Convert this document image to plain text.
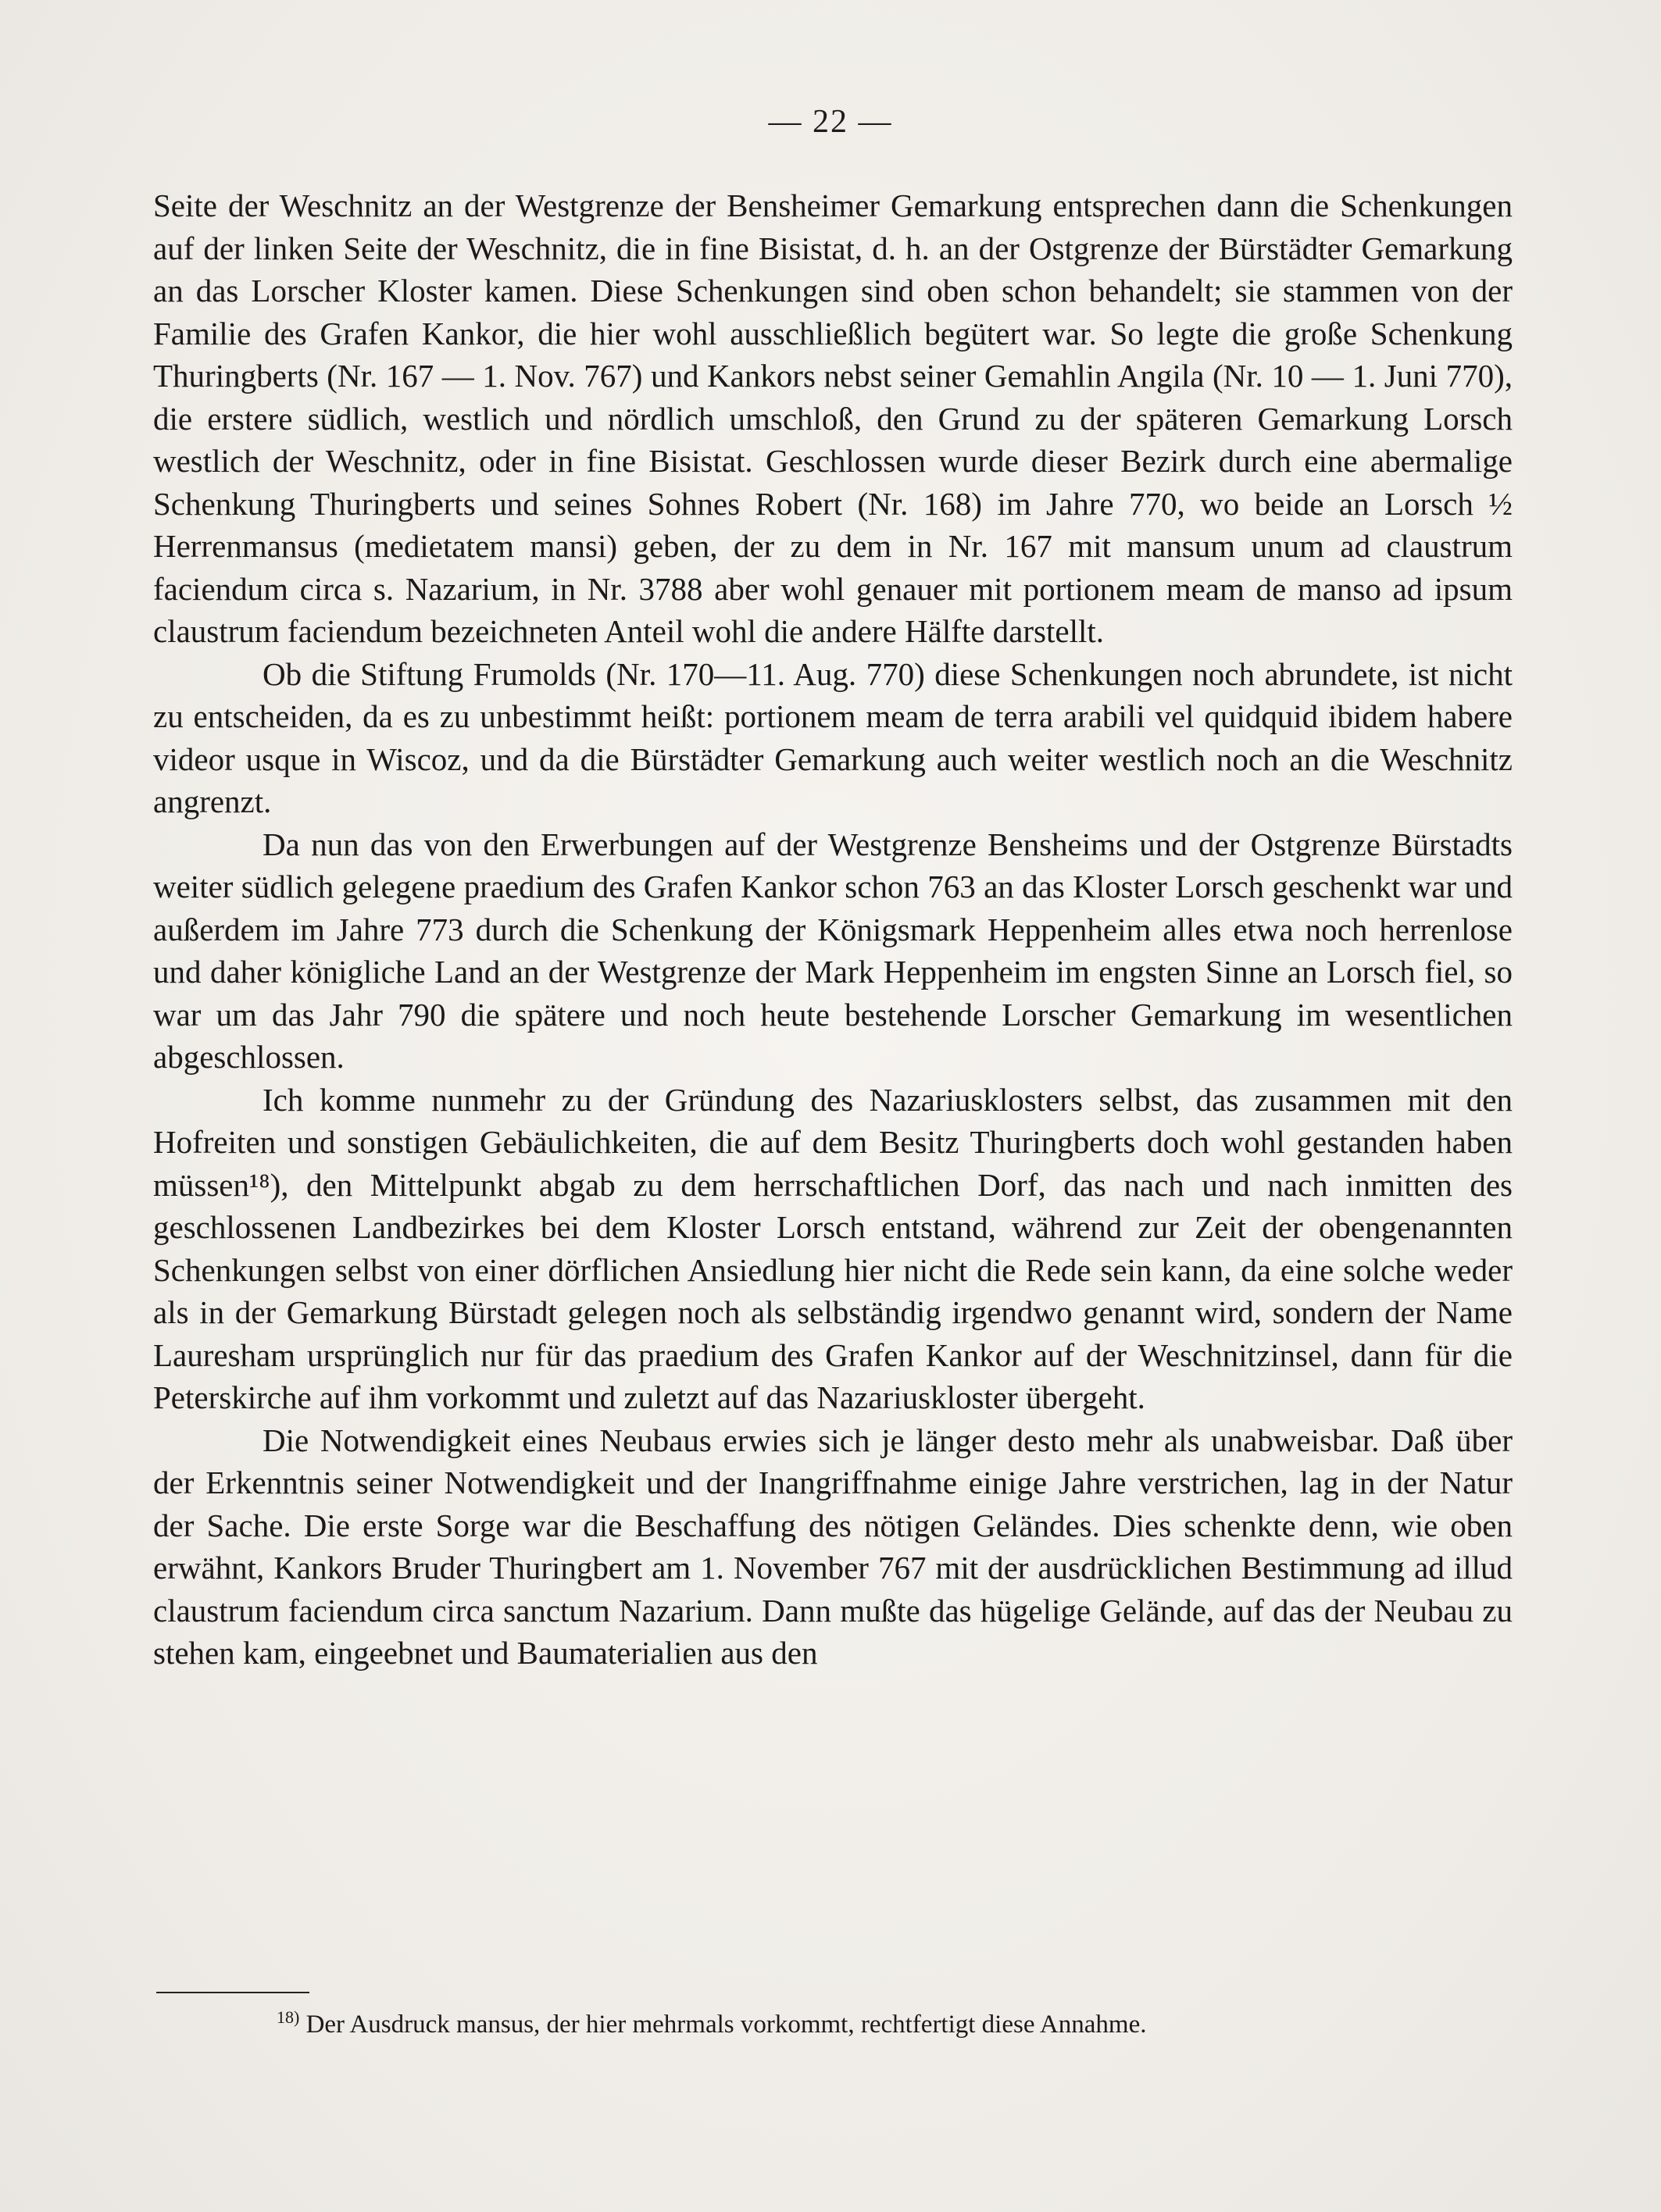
— 22 —

Seite der Weschnitz an der Westgrenze der Bensheimer Gemarkung entsprechen dann die Schenkungen auf der linken Seite der Weschnitz, die in fine Bisistat, d. h. an der Ostgrenze der Bürstädter Gemarkung an das Lorscher Kloster kamen. Diese Schenkungen sind oben schon behandelt; sie stammen von der Familie des Grafen Kankor, die hier wohl ausschließlich begütert war. So legte die große Schenkung Thuringberts (Nr. 167 — 1. Nov. 767) und Kankors nebst seiner Gemahlin Angila (Nr. 10 — 1. Juni 770), die erstere südlich, westlich und nördlich umschloß, den Grund zu der späteren Gemarkung Lorsch westlich der Weschnitz, oder in fine Bisistat. Geschlossen wurde dieser Bezirk durch eine abermalige Schenkung Thuringberts und seines Sohnes Robert (Nr. 168) im Jahre 770, wo beide an Lorsch ½ Herrenmansus (medietatem mansi) geben, der zu dem in Nr. 167 mit mansum unum ad claustrum faciendum circa s. Nazarium, in Nr. 3788 aber wohl genauer mit portionem meam de manso ad ipsum claustrum faciendum bezeichneten Anteil wohl die andere Hälfte darstellt.

Ob die Stiftung Frumolds (Nr. 170—11. Aug. 770) diese Schenkungen noch abrundete, ist nicht zu entscheiden, da es zu unbestimmt heißt: portionem meam de terra arabili vel quidquid ibidem habere videor usque in Wiscoz, und da die Bürstädter Gemarkung auch weiter westlich noch an die Weschnitz angrenzt.

Da nun das von den Erwerbungen auf der Westgrenze Bensheims und der Ostgrenze Bürstadts weiter südlich gelegene praedium des Grafen Kankor schon 763 an das Kloster Lorsch geschenkt war und außerdem im Jahre 773 durch die Schenkung der Königsmark Heppenheim alles etwa noch herrenlose und daher königliche Land an der Westgrenze der Mark Heppenheim im engsten Sinne an Lorsch fiel, so war um das Jahr 790 die spätere und noch heute bestehende Lorscher Gemarkung im wesentlichen abgeschlossen.

Ich komme nunmehr zu der Gründung des Nazariusklosters selbst, das zusammen mit den Hofreiten und sonstigen Gebäulichkeiten, die auf dem Besitz Thuringberts doch wohl gestanden haben müssen¹⁸), den Mittelpunkt abgab zu dem herrschaftlichen Dorf, das nach und nach inmitten des geschlossenen Landbezirkes bei dem Kloster Lorsch entstand, während zur Zeit der obengenannten Schenkungen selbst von einer dörflichen Ansiedlung hier nicht die Rede sein kann, da eine solche weder als in der Gemarkung Bürstadt gelegen noch als selbständig irgendwo genannt wird, sondern der Name Lauresham ursprünglich nur für das praedium des Grafen Kankor auf der Weschnitzinsel, dann für die Peterskirche auf ihm vorkommt und zuletzt auf das Nazariuskloster übergeht.

Die Notwendigkeit eines Neubaus erwies sich je länger desto mehr als unabweisbar. Daß über der Erkenntnis seiner Notwendigkeit und der Inangriffnahme einige Jahre verstrichen, lag in der Natur der Sache. Die erste Sorge war die Beschaffung des nötigen Geländes. Dies schenkte denn, wie oben erwähnt, Kankors Bruder Thuringbert am 1. November 767 mit der ausdrücklichen Bestimmung ad illud claustrum faciendum circa sanctum Nazarium. Dann mußte das hügelige Gelände, auf das der Neubau zu stehen kam, eingeebnet und Baumaterialien aus den

$^{18)}$ Der Ausdruck mansus, der hier mehrmals vorkommt, rechtfertigt diese Annahme.
